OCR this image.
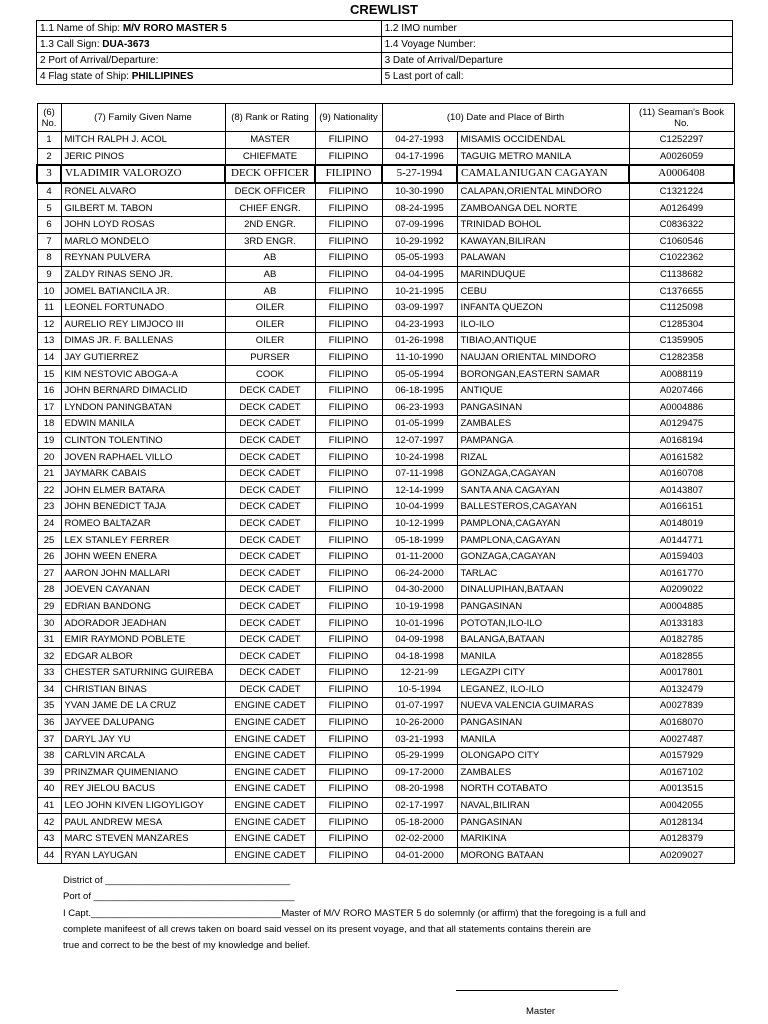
CREWLIST
1.1 Name of Ship: M/V RORO MASTER 5	1.2 IMO number
1.3 Call Sign: DUA-3673	1.4 Voyage Number:
2 Port of Arrival/Departure:	3 Date of Arrival/Departure
4 Flag state of Ship: PHILLIPINES	5 Last port of call:
(6) No.	(7) Family Given Name	(8) Rank or Rating	(9) Nationality	(10) Date and Place of Birth		(11) Seaman's Book No.
1	MITCH RALPH J. ACOL	MASTER	FILIPINO	04-27-1993	MISAMIS OCCIDENDAL	C1252297
2	JERIC PINOS	CHIEFMATE	FILIPINO	04-17-1996	TAGUIG METRO MANILA	A0026059
3	VLADIMIR VALOROZO	DECK OFFICER	FILIPINO	5-27-1994	CAMALANIUGAN CAGAYAN	A0006408
4	RONEL ALVARO	DECK OFFICER	FILIPINO	10-30-1990	CALAPAN,ORIENTAL MINDORO	C1321224
5	GILBERT M. TABON	CHIEF ENGR.	FILIPINO	08-24-1995	ZAMBOANGA DEL NORTE	A0126499
6	JOHN LOYD ROSAS	2ND ENGR.	FILIPINO	07-09-1996	TRINIDAD BOHOL	C0836322
7	MARLO MONDELO	3RD ENGR.	FILIPINO	10-29-1992	KAWAYAN,BILIRAN	C1060546
8	REYNAN PULVERA	AB	FILIPINO	05-05-1993	PALAWAN	C1022362
9	ZALDY RINAS SENO JR.	AB	FILIPINO	04-04-1995	MARINDUQUE	C1138682
10	JOMEL BATIANCILA JR.	AB	FILIPINO	10-21-1995	CEBU	C1376655
11	LEONEL FORTUNADO	OILER	FILIPINO	03-09-1997	INFANTA QUEZON	C1125098
12	AURELIO REY LIMJOCO III	OILER	FILIPINO	04-23-1993	ILO-ILO	C1285304
13	DIMAS JR. F. BALLENAS	OILER	FILIPINO	01-26-1998	TIBIAO,ANTIQUE	C1359905
14	JAY GUTIERREZ	PURSER	FILIPINO	11-10-1990	NAUJAN ORIENTAL MINDORO	C1282358
15	KIM NESTOVIC ABOGA-A	COOK	FILIPINO	05-05-1994	BORONGAN,EASTERN SAMAR	A0088119
16	JOHN BERNARD DIMACLID	DECK CADET	FILIPINO	06-18-1995	ANTIQUE	A0207466
17	LYNDON PANINGBATAN	DECK CADET	FILIPINO	06-23-1993	PANGASINAN	A0004886
18	EDWIN MANILA	DECK CADET	FILIPINO	01-05-1999	ZAMBALES	A0129475
19	CLINTON TOLENTINO	DECK CADET	FILIPINO	12-07-1997	PAMPANGA	A0168194
20	JOVEN RAPHAEL VILLO	DECK CADET	FILIPINO	10-24-1998	RIZAL	A0161582
21	JAYMARK CABAIS	DECK CADET	FILIPINO	07-11-1998	GONZAGA,CAGAYAN	A0160708
22	JOHN ELMER BATARA	DECK CADET	FILIPINO	12-14-1999	SANTA ANA CAGAYAN	A0143807
23	JOHN BENEDICT TAJA	DECK CADET	FILIPINO	10-04-1999	BALLESTEROS,CAGAYAN	A0166151
24	ROMEO BALTAZAR	DECK CADET	FILIPINO	10-12-1999	PAMPLONA,CAGAYAN	A0148019
25	LEX STANLEY FERRER	DECK CADET	FILIPINO	05-18-1999	PAMPLONA,CAGAYAN	A0144771
26	JOHN WEEN ENERA	DECK CADET	FILIPINO	01-11-2000	GONZAGA,CAGAYAN	A0159403
27	AARON JOHN MALLARI	DECK CADET	FILIPINO	06-24-2000	TARLAC	A0161770
28	JOEVEN CAYANAN	DECK CADET	FILIPINO	04-30-2000	DINALUPIHAN,BATAAN	A0209022
29	EDRIAN BANDONG	DECK CADET	FILIPINO	10-19-1998	PANGASINAN	A0004885
30	ADORADOR JEADHAN	DECK CADET	FILIPINO	10-01-1996	POTOTAN,ILO-ILO	A0133183
31	EMIR RAYMOND POBLETE	DECK CADET	FILIPINO	04-09-1998	BALANGA,BATAAN	A0182785
32	EDGAR ALBOR	DECK CADET	FILIPINO	04-18-1998	MANILA	A0182855
33	CHESTER SATURNING GUIREBA	DECK CADET	FILIPINO	12-21-99	LEGAZPI CITY	A0017801
34	CHRISTIAN BINAS	DECK CADET	FILIPINO	10-5-1994	LEGANEZ, ILO-ILO	A0132479
35	YVAN JAME DE LA CRUZ	ENGINE CADET	FILIPINO	01-07-1997	NUEVA VALENCIA GUIMARAS	A0027839
36	JAYVEE DALUPANG	ENGINE CADET	FILIPINO	10-26-2000	PANGASINAN	A0168070
37	DARYL JAY YU	ENGINE CADET	FILIPINO	03-21-1993	MANILA	A0027487
38	CARLVIN ARCALA	ENGINE CADET	FILIPINO	05-29-1999	OLONGAPO CITY	A0157929
39	PRINZMAR QUIMENIANO	ENGINE CADET	FILIPINO	09-17-2000	ZAMBALES	A0167102
40	REY JIELOU BACUS	ENGINE CADET	FILIPINO	08-20-1998	NORTH COTABATO	A0013515
41	LEO JOHN KIVEN LIGOYLIGOY	ENGINE CADET	FILIPINO	02-17-1997	NAVAL,BILIRAN	A0042055
42	PAUL ANDREW MESA	ENGINE CADET	FILIPINO	05-18-2000	PANGASINAN	A0128134
43	MARC STEVEN MANZARES	ENGINE CADET	FILIPINO	02-02-2000	MARIKINA	A0128379
44	RYAN LAYUGAN	ENGINE CADET	FILIPINO	04-01-2000	MORONG BATAAN	A0209027
District of ___________________________________
Port of ______________________________________
I Capt.____________________________________Master of M/V RORO MASTER 5 do solemnly (or affirm) that the foregoing is a full and
complete manifeest of all crews taken on board said vessel on its present voyage, and that all statements contains therein are
true and correct to be the best of my knowledge and belief.
Master
